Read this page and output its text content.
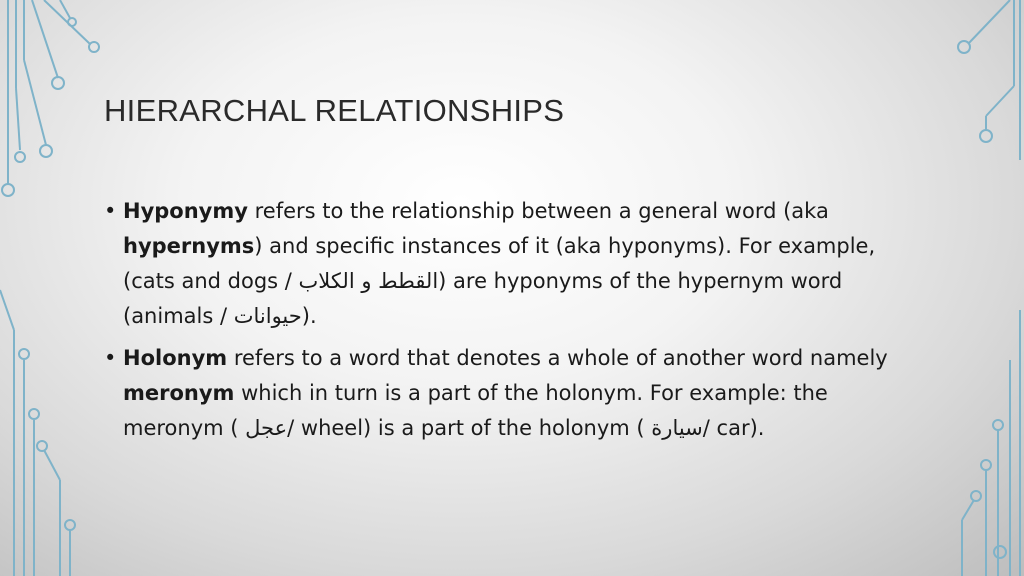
HIERARCHAL RELATIONSHIPS

• Hyponymy refers to the relationship between a general word (aka hypernyms) and specific instances of it (aka hyponyms). For example, (cats and dogs / القطط و الكلاب) are hyponyms of the hypernym word (animals / حيوانات).

• Holonym refers to a word that denotes a whole of another word namely meronym which in turn is a part of the holonym. For example: the meronym ( عجل/ wheel) is a part of the holonym ( سيارة/ car).
